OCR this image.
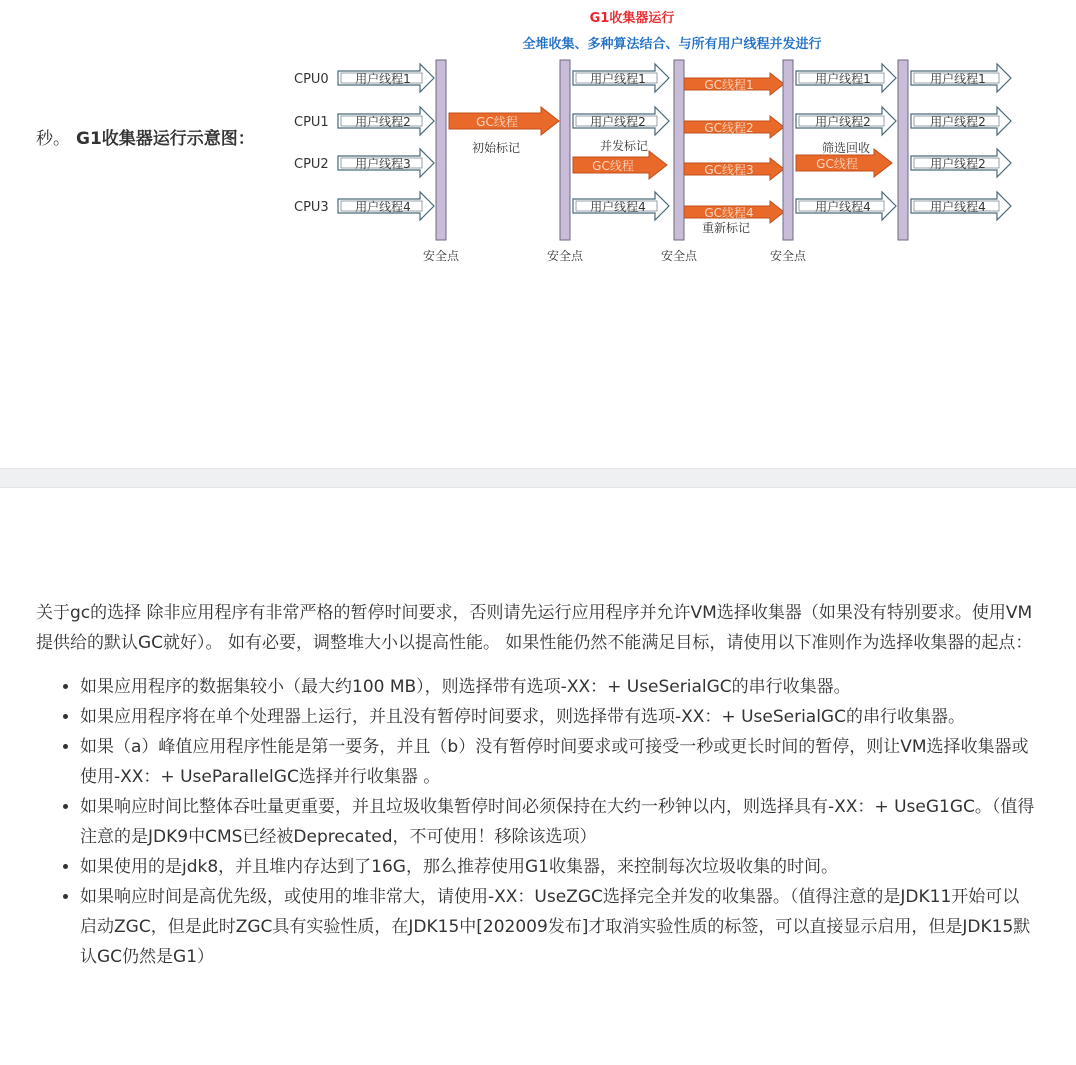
秒。 G1收集器运行示意图：
G1收集器运行
全堆收集、多种算法结合、与所有用户线程并发进行
CPU0
CPU1
CPU2
CPU3
用户线程1
用户线程2
用户线程3
用户线程4
GC线程
初始标记
用户线程1
用户线程2
用户线程4
GC线程
并发标记
GC线程1
GC线程2
GC线程3
GC线程4
重新标记
用户线程1
用户线程2
用户线程4
GC线程
筛选回收
用户线程1
用户线程2
用户线程2
用户线程4
安全点	安全点	安全点	安全点

关于gc的选择 除非应用程序有非常严格的暂停时间要求，否则请先运行应用程序并允许VM选择收集器（如果没有特别要求。使用VM提供给的默认GC就好）。 如有必要，调整堆大小以提高性能。 如果性能仍然不能满足目标，请使用以下准则作为选择收集器的起点：

• 如果应用程序的数据集较小（最大约100 MB），则选择带有选项-XX：+ UseSerialGC的串行收集器。
• 如果应用程序将在单个处理器上运行，并且没有暂停时间要求，则选择带有选项-XX：+ UseSerialGC的串行收集器。
• 如果（a）峰值应用程序性能是第一要务，并且（b）没有暂停时间要求或可接受一秒或更长时间的暂停，则让VM选择收集器或使用-XX：+ UseParallelGC选择并行收集器 。
• 如果响应时间比整体吞吐量更重要，并且垃圾收集暂停时间必须保持在大约一秒钟以内，则选择具有-XX：+ UseG1GC。（值得注意的是JDK9中CMS已经被Deprecated，不可使用！移除该选项）
• 如果使用的是jdk8，并且堆内存达到了16G，那么推荐使用G1收集器，来控制每次垃圾收集的时间。
• 如果响应时间是高优先级，或使用的堆非常大，请使用-XX：UseZGC选择完全并发的收集器。（值得注意的是JDK11开始可以启动ZGC，但是此时ZGC具有实验性质，在JDK15中[202009发布]才取消实验性质的标签，可以直接显示启用，但是JDK15默认GC仍然是G1）
